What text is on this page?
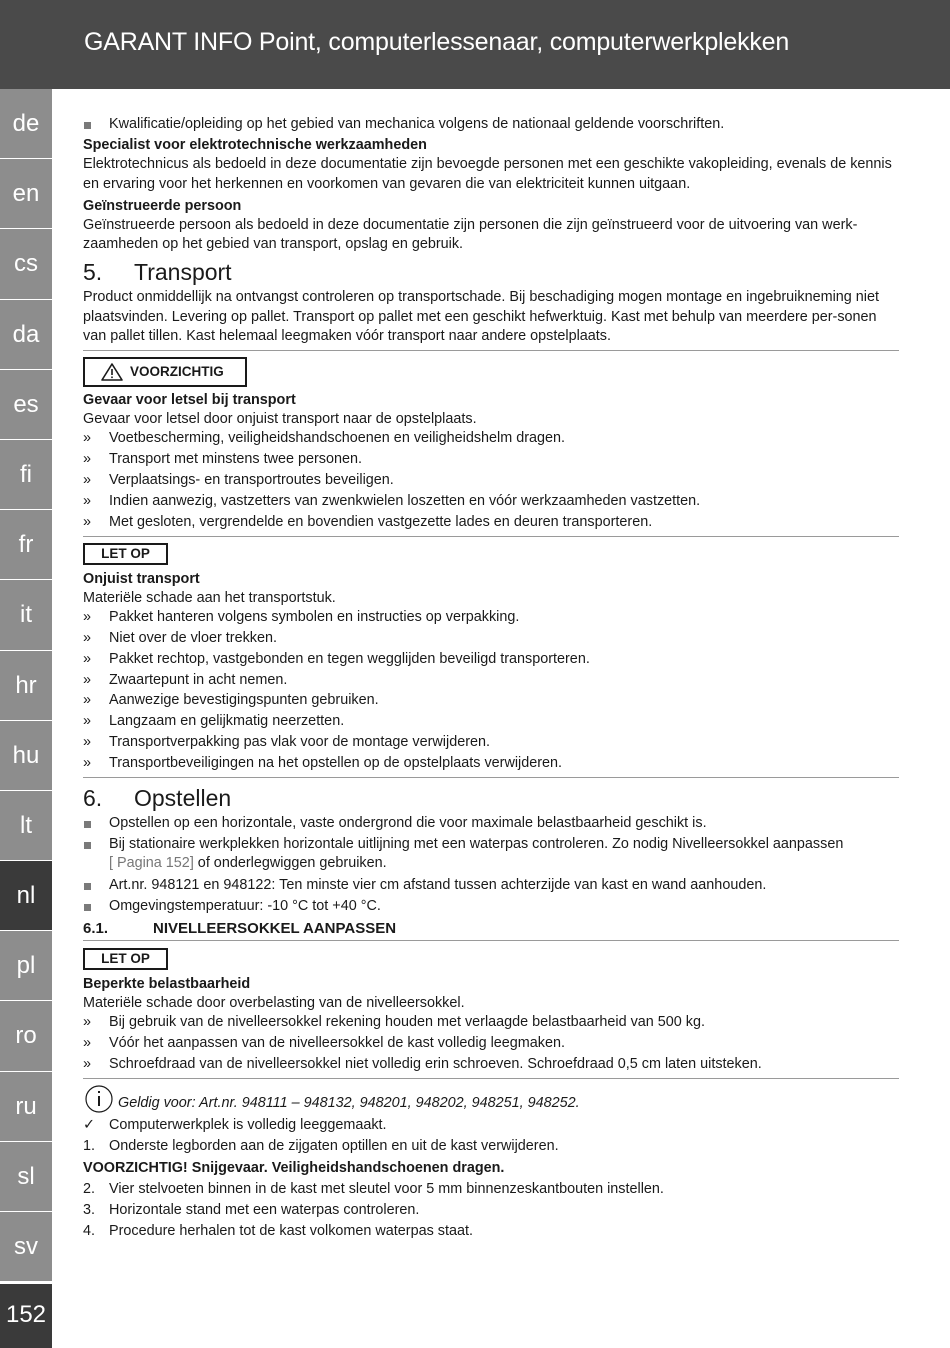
GARANT INFO Point, computerlessenaar, computerwerkplekken
de
en
cs
da
es
fi
fr
it
hr
hu
lt
nl
pl
ro
ru
sl
sv
152

Kwalificatie/opleiding op het gebied van mechanica volgens de nationaal geldende voorschriften.

Specialist voor elektrotechnische werkzaamheden

Elektrotechnicus als bedoeld in deze documentatie zijn bevoegde personen met een geschikte vakopleiding, evenals de kennis en ervaring voor het herkennen en voorkomen van gevaren die van elektriciteit kunnen uitgaan.

Geïnstrueerde persoon

Geïnstrueerde persoon als bedoeld in deze documentatie zijn personen die zijn geïnstrueerd voor de uitvoering van werk-zaamheden op het gebied van transport, opslag en gebruik.

5. Transport

Product onmiddellijk na ontvangst controleren op transportschade. Bij beschadiging mogen montage en ingebruikneming niet plaatsvinden. Levering op pallet. Transport op pallet met een geschikt hefwerktuig. Kast met behulp van meerdere per-sonen van pallet tillen. Kast helemaal leegmaken vóór transport naar andere opstelplaats.

VOORZICHTIG

Gevaar voor letsel bij transport

Gevaar voor letsel door onjuist transport naar de opstelplaats.

» Voetbescherming, veiligheidshandschoenen en veiligheidshelm dragen.

» Transport met minstens twee personen.

» Verplaatsings- en transportroutes beveiligen.

» Indien aanwezig, vastzetters van zwenkwielen loszetten en vóór werkzaamheden vastzetten.

» Met gesloten, vergrendelde en bovendien vastgezette lades en deuren transporteren.

LET OP

Onjuist transport

Materiële schade aan het transportstuk.

» Pakket hanteren volgens symbolen en instructies op verpakking.

» Niet over de vloer trekken.

» Pakket rechtop, vastgebonden en tegen wegglijden beveiligd transporteren.

» Zwaartepunt in acht nemen.

» Aanwezige bevestigingspunten gebruiken.

» Langzaam en gelijkmatig neerzetten.

» Transportverpakking pas vlak voor de montage verwijderen.

» Transportbeveiligingen na het opstellen op de opstelplaats verwijderen.

6. Opstellen

Opstellen op een horizontale, vaste ondergrond die voor maximale belastbaarheid geschikt is.

Bij stationaire werkplekken horizontale uitlijning met een waterpas controleren. Zo nodig Nivelleersokkel aanpassen
[ Pagina 152] of onderlegwiggen gebruiken.

Art.nr. 948121 en 948122: Ten minste vier cm afstand tussen achterzijde van kast en wand aanhouden.

Omgevingstemperatuur: -10 °C tot +40 °C.

6.1.	NIVELLEERSOKKEL AANPASSEN
LET OP

Beperkte belastbaarheid

Materiële schade door overbelasting van de nivelleersokkel.

» Bij gebruik van de nivelleersokkel rekening houden met verlaagde belastbaarheid van 500 kg.

» Vóór het aanpassen van de nivelleersokkel de kast volledig leegmaken.

» Schroefdraad van de nivelleersokkel niet volledig erin schroeven. Schroefdraad 0,5 cm laten uitsteken.

Geldig voor: Art.nr. 948111 – 948132, 948201, 948202, 948251, 948252.

✓ Computerwerkplek is volledig leeggemaakt.

1. Onderste legborden aan de zijgaten optillen en uit de kast verwijderen.

VOORZICHTIG! Snijgevaar. Veiligheidshandschoenen dragen.

2. Vier stelvoeten binnen in de kast met sleutel voor 5 mm binnenzeskantbouten instellen.

3. Horizontale stand met een waterpas controleren.

4. Procedure herhalen tot de kast volkomen waterpas staat.
